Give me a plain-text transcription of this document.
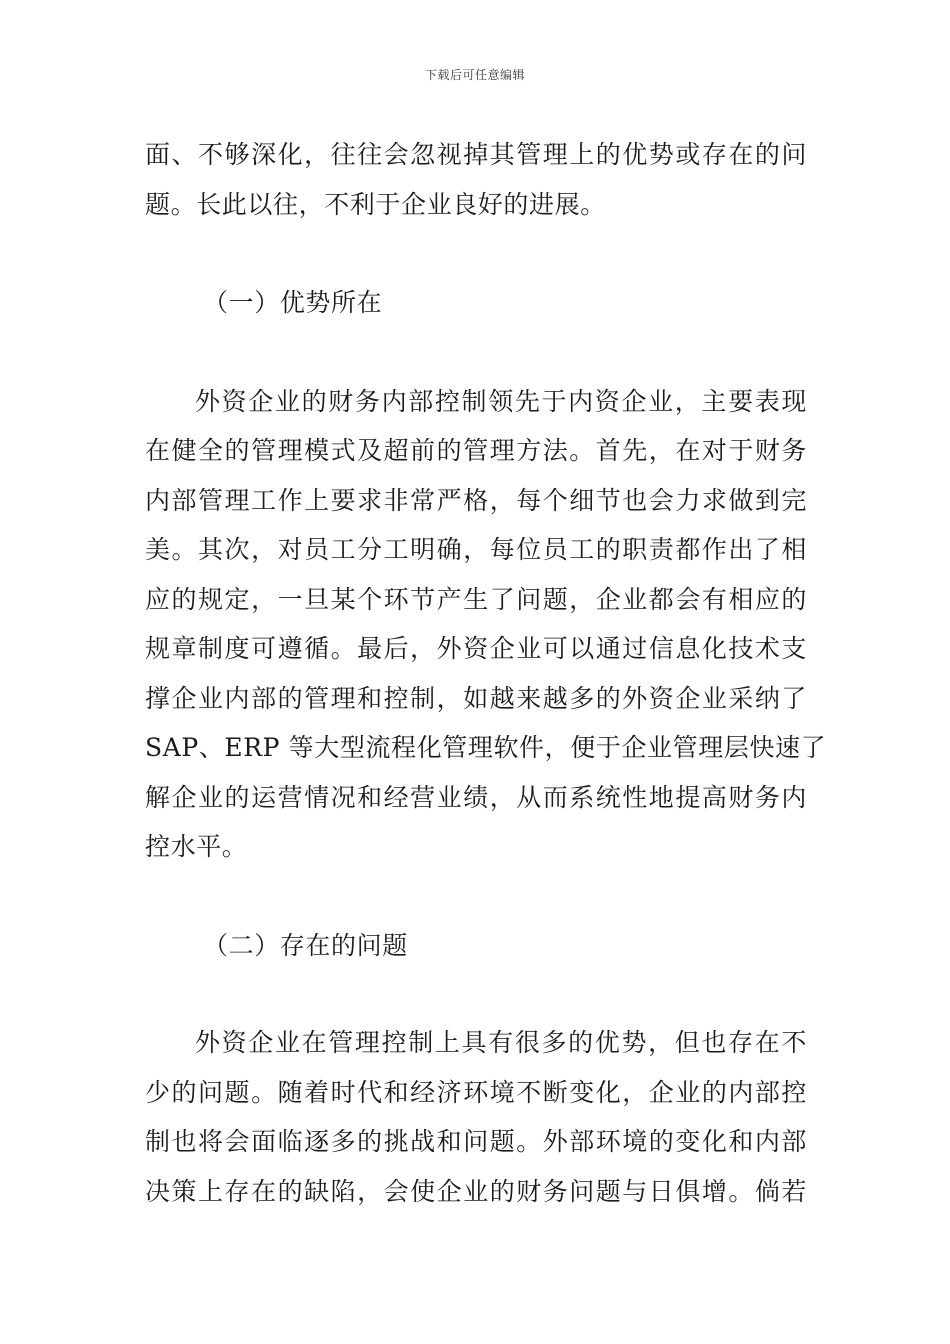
下载后可任意编辑
面、不够深化，往往会忽视掉其管理上的优势或存在的问
题。长此以往，不利于企业良好的进展。
（一）优势所在
外资企业的财务内部控制领先于内资企业，主要表现
在健全的管理模式及超前的管理方法。首先，在对于财务
内部管理工作上要求非常严格，每个细节也会力求做到完
美。其次，对员工分工明确，每位员工的职责都作出了相
应的规定，一旦某个环节产生了问题，企业都会有相应的
规章制度可遵循。最后，外资企业可以通过信息化技术支
撑企业内部的管理和控制，如越来越多的外资企业采纳了
SAP、ERP 等大型流程化管理软件，便于企业管理层快速了
解企业的运营情况和经营业绩，从而系统性地提高财务内
控水平。
（二）存在的问题
外资企业在管理控制上具有很多的优势，但也存在不
少的问题。随着时代和经济环境不断变化，企业的内部控
制也将会面临逐多的挑战和问题。外部环境的变化和内部
决策上存在的缺陷，会使企业的财务问题与日俱增。倘若
